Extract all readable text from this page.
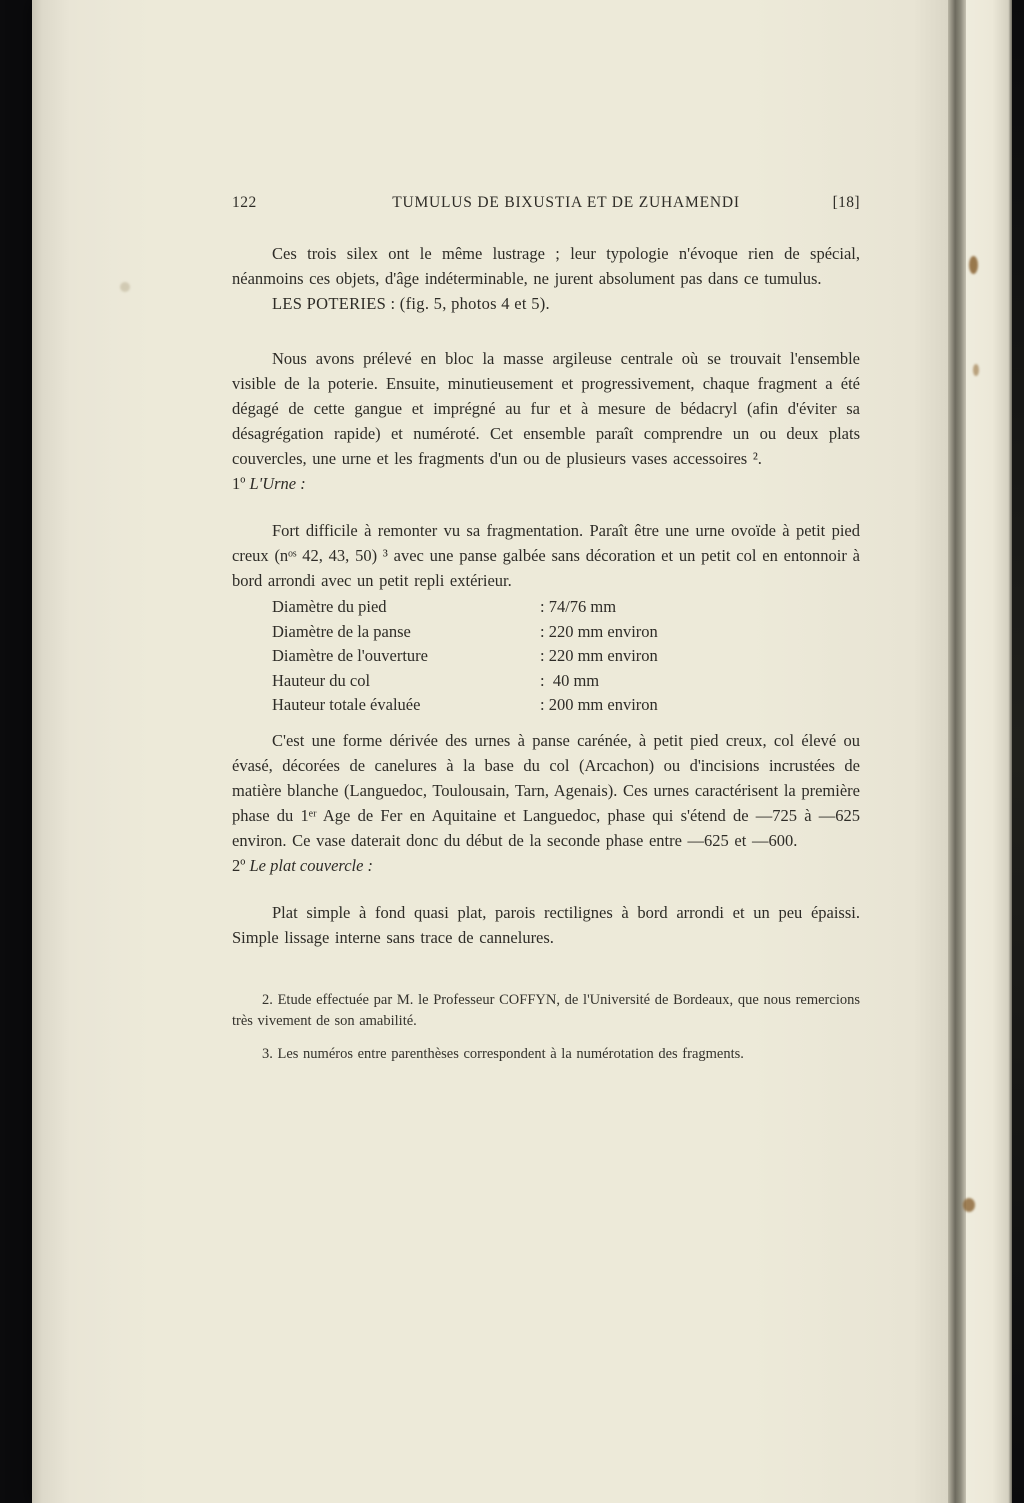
122	TUMULUS DE BIXUSTIA ET DE ZUHAMENDI	[18]

Ces trois silex ont le même lustrage ; leur typologie n'évoque rien de spécial, néanmoins ces objets, d'âge indéterminable, ne jurent absolument pas dans ce tumulus.

LES POTERIES : (fig. 5, photos 4 et 5).

Nous avons prélevé en bloc la masse argileuse centrale où se trouvait l'ensemble visible de la poterie. Ensuite, minutieusement et progressivement, chaque fragment a été dégagé de cette gangue et imprégné au fur et à mesure de bédacryl (afin d'éviter sa désagrégation rapide) et numéroté. Cet ensemble paraît comprendre un ou deux plats couvercles, une urne et les fragments d'un ou de plusieurs vases accessoires ².

1º L'Urne :

Fort difficile à remonter vu sa fragmentation. Paraît être une urne ovoïde à petit pied creux (nᵒˢ 42, 43, 50) ³ avec une panse galbée sans décoration et un petit col en entonnoir à bord arrondi avec un petit repli extérieur.

Diamètre du pied	: 74/76 mm
Diamètre de la panse	: 220 mm environ
Diamètre de l'ouverture	: 220 mm environ
Hauteur du col	:  40 mm
Hauteur totale évaluée	: 200 mm environ

C'est une forme dérivée des urnes à panse carénée, à petit pied creux, col élevé ou évasé, décorées de canelures à la base du col (Arcachon) ou d'incisions incrustées de matière blanche (Languedoc, Toulousain, Tarn, Agenais). Ces urnes caractérisent la première phase du 1ᵉʳ Age de Fer en Aquitaine et Languedoc, phase qui s'étend de —725 à —625 environ. Ce vase daterait donc du début de la seconde phase entre —625 et —600.

2º Le plat couvercle :

Plat simple à fond quasi plat, parois rectilignes à bord arrondi et un peu épaissi. Simple lissage interne sans trace de cannelures.

2. Etude effectuée par M. le Professeur COFFYN, de l'Université de Bordeaux, que nous remercions très vivement de son amabilité.

3. Les numéros entre parenthèses correspondent à la numérotation des fragments.
